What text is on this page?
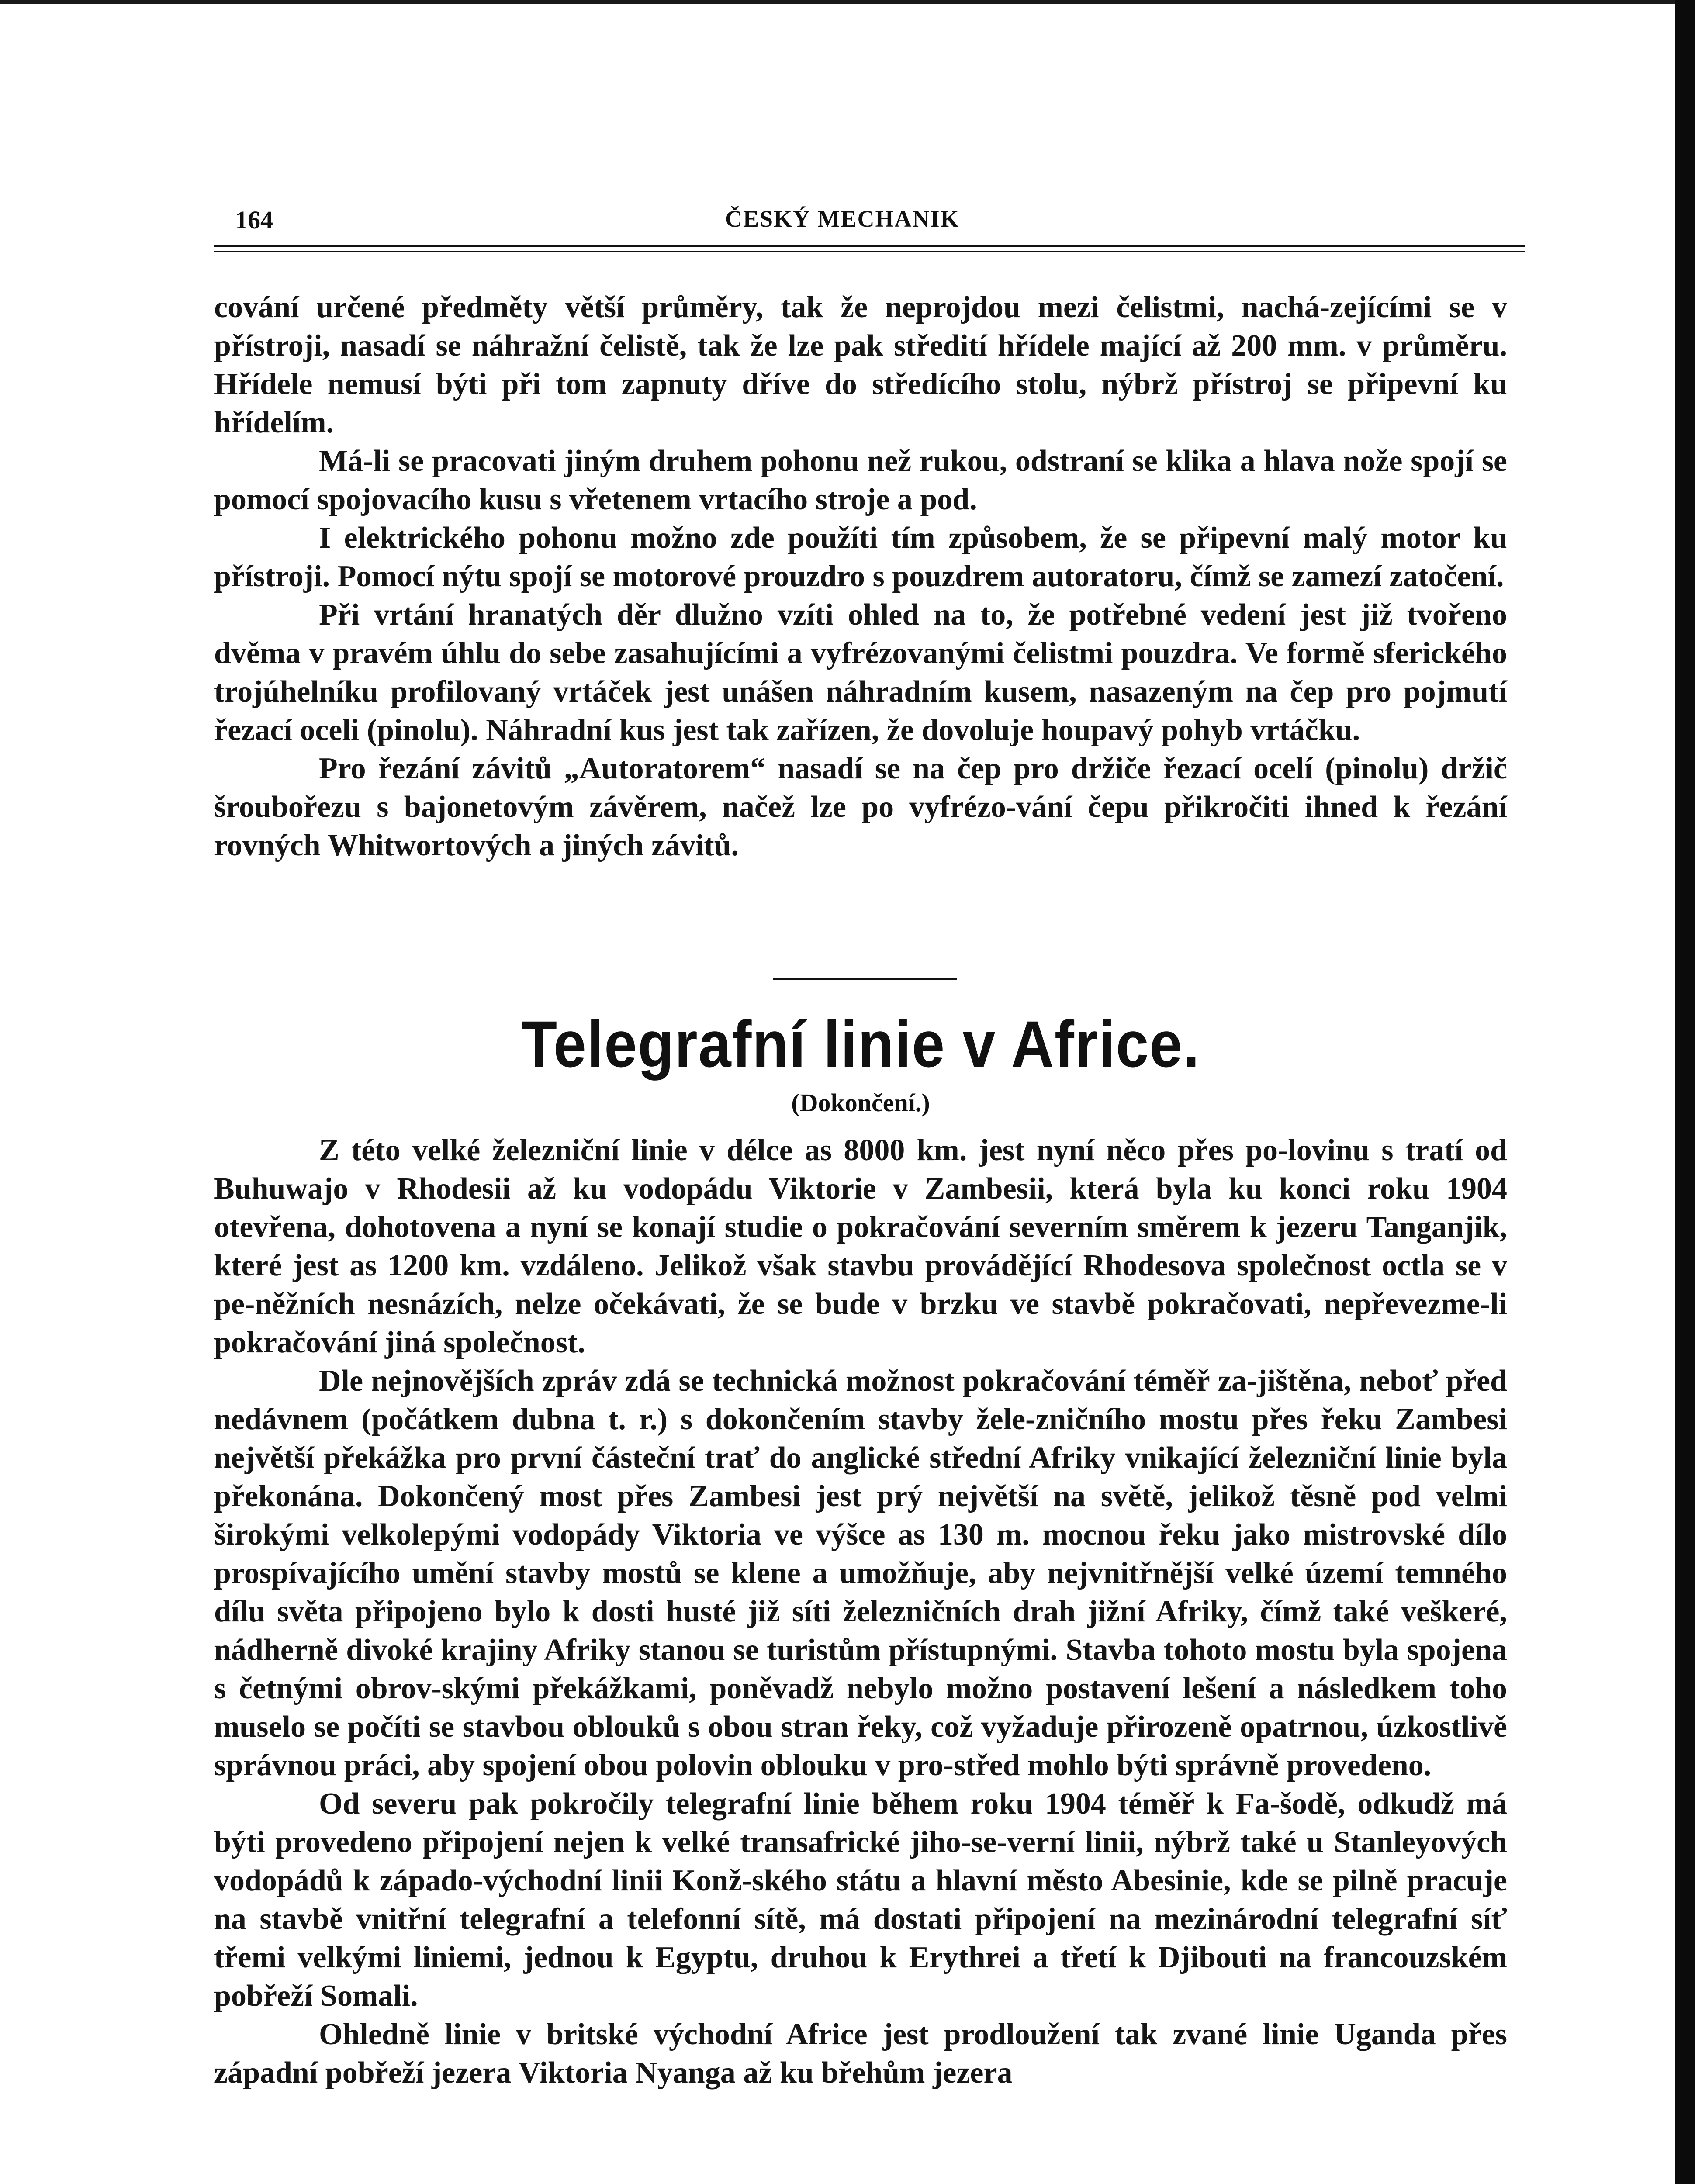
164	ČESKÝ MECHANIK

cování určené předměty větší průměry, tak že neprojdou mezi čelistmi, nachá-zejícími se v přístroji, nasadí se náhražní čelistě, tak že lze pak středití hřídele mající až 200 mm. v průměru. Hřídele nemusí býti při tom zapnuty dříve do středícího stolu, nýbrž přístroj se připevní ku hřídelím.

Má-li se pracovati jiným druhem pohonu než rukou, odstraní se klika a hlava nože spojí se pomocí spojovacího kusu s vřetenem vrtacího stroje a pod.

I elektrického pohonu možno zde použíti tím způsobem, že se připevní malý motor ku přístroji. Pomocí nýtu spojí se motorové prouzdro s pouzdrem autoratoru, čímž se zamezí zatočení.

Při vrtání hranatých děr dlužno vzíti ohled na to, že potřebné vedení jest již tvořeno dvěma v pravém úhlu do sebe zasahujícími a vyfrézovanými čelistmi pouzdra. Ve formě sferického trojúhelníku profilovaný vrtáček jest unášen náhradním kusem, nasazeným na čep pro pojmutí řezací oceli (pinolu). Náhradní kus jest tak zařízen, že dovoluje houpavý pohyb vrtáčku.

Pro řezání závitů „Autoratorem“ nasadí se na čep pro držiče řezací ocelí (pinolu) držič šroubořezu s bajonetovým závěrem, načež lze po vyfrézo-vání čepu přikročiti ihned k řezání rovných Whitwortových a jiných závitů.

Telegrafní linie v Africe.
(Dokončení.)

Z této velké železniční linie v délce as 8000 km. jest nyní něco přes po-lovinu s tratí od Buhuwajo v Rhodesii až ku vodopádu Viktorie v Zambesii, která byla ku konci roku 1904 otevřena, dohotovena a nyní se konají studie o pokračování severním směrem k jezeru Tanganjik, které jest as 1200 km. vzdáleno. Jelikož však stavbu provádějící Rhodesova společnost octla se v pe-něžních nesnázích, nelze očekávati, že se bude v brzku ve stavbě pokračovati, nepřevezme-li pokračování jiná společnost.

Dle nejnovějších zpráv zdá se technická možnost pokračování téměř za-jištěna, neboť před nedávnem (počátkem dubna t. r.) s dokončením stavby žele-zničního mostu přes řeku Zambesi největší překážka pro první částeční trať do anglické střední Afriky vnikající železniční linie byla překonána. Dokončený most přes Zambesi jest prý největší na světě, jelikož těsně pod velmi širokými velkolepými vodopády Viktoria ve výšce as 130 m. mocnou řeku jako mistrovské dílo prospívajícího umění stavby mostů se klene a umožňuje, aby nejvnitřnější velké území temného dílu světa připojeno bylo k dosti husté již síti železničních drah jižní Afriky, čímž také veškeré, nádherně divoké krajiny Afriky stanou se turistům přístupnými. Stavba tohoto mostu byla spojena s četnými obrov-skými překážkami, poněvadž nebylo možno postavení lešení a následkem toho muselo se počíti se stavbou oblouků s obou stran řeky, což vyžaduje přirozeně opatrnou, úzkostlivě správnou práci, aby spojení obou polovin oblouku v pro-střed mohlo býti správně provedeno.

Od severu pak pokročily telegrafní linie během roku 1904 téměř k Fa-šodě, odkudž má býti provedeno připojení nejen k velké transafrické jiho-se-verní linii, nýbrž také u Stanleyových vodopádů k západo-východní linii Konž-ského státu a hlavní město Abesinie, kde se pilně pracuje na stavbě vnitřní telegrafní a telefonní sítě, má dostati připojení na mezinárodní telegrafní síť třemi velkými liniemi, jednou k Egyptu, druhou k Erythrei a třetí k Djibouti na francouzském pobřeží Somali.

Ohledně linie v britské východní Africe jest prodloužení tak zvané linie Uganda přes západní pobřeží jezera Viktoria Nyanga až ku břehům jezera
